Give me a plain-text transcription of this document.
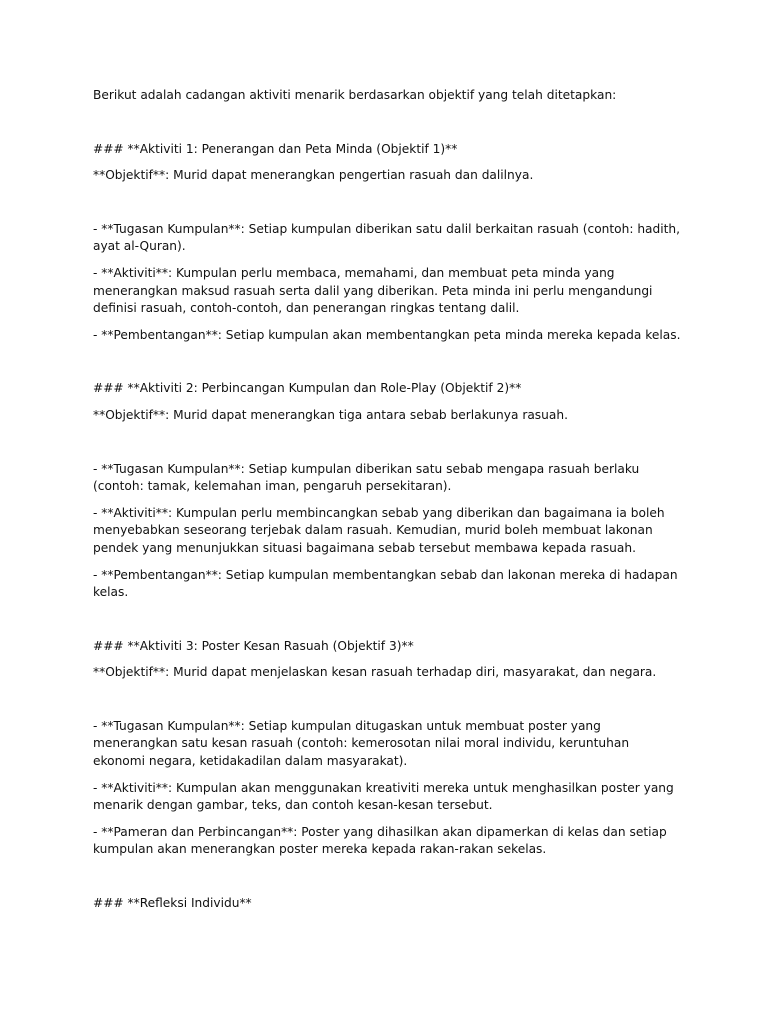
Berikut adalah cadangan aktiviti menarik berdasarkan objektif yang telah ditetapkan:

### **Aktiviti 1: Penerangan dan Peta Minda (Objektif 1)**

**Objektif**: Murid dapat menerangkan pengertian rasuah dan dalilnya.

- **Tugasan Kumpulan**: Setiap kumpulan diberikan satu dalil berkaitan rasuah (contoh: hadith, ayat al-Quran).

- **Aktiviti**: Kumpulan perlu membaca, memahami, dan membuat peta minda yang menerangkan maksud rasuah serta dalil yang diberikan. Peta minda ini perlu mengandungi definisi rasuah, contoh-contoh, dan penerangan ringkas tentang dalil.

- **Pembentangan**: Setiap kumpulan akan membentangkan peta minda mereka kepada kelas.

### **Aktiviti 2: Perbincangan Kumpulan dan Role-Play (Objektif 2)**

**Objektif**: Murid dapat menerangkan tiga antara sebab berlakunya rasuah.

- **Tugasan Kumpulan**: Setiap kumpulan diberikan satu sebab mengapa rasuah berlaku (contoh: tamak, kelemahan iman, pengaruh persekitaran).

- **Aktiviti**: Kumpulan perlu membincangkan sebab yang diberikan dan bagaimana ia boleh menyebabkan seseorang terjebak dalam rasuah. Kemudian, murid boleh membuat lakonan pendek yang menunjukkan situasi bagaimana sebab tersebut membawa kepada rasuah.

- **Pembentangan**: Setiap kumpulan membentangkan sebab dan lakonan mereka di hadapan kelas.

### **Aktiviti 3: Poster Kesan Rasuah (Objektif 3)**

**Objektif**: Murid dapat menjelaskan kesan rasuah terhadap diri, masyarakat, dan negara.

- **Tugasan Kumpulan**: Setiap kumpulan ditugaskan untuk membuat poster yang menerangkan satu kesan rasuah (contoh: kemerosotan nilai moral individu, keruntuhan ekonomi negara, ketidakadilan dalam masyarakat).

- **Aktiviti**: Kumpulan akan menggunakan kreativiti mereka untuk menghasilkan poster yang menarik dengan gambar, teks, dan contoh kesan-kesan tersebut.

- **Pameran dan Perbincangan**: Poster yang dihasilkan akan dipamerkan di kelas dan setiap kumpulan akan menerangkan poster mereka kepada rakan-rakan sekelas.

### **Refleksi Individu**
